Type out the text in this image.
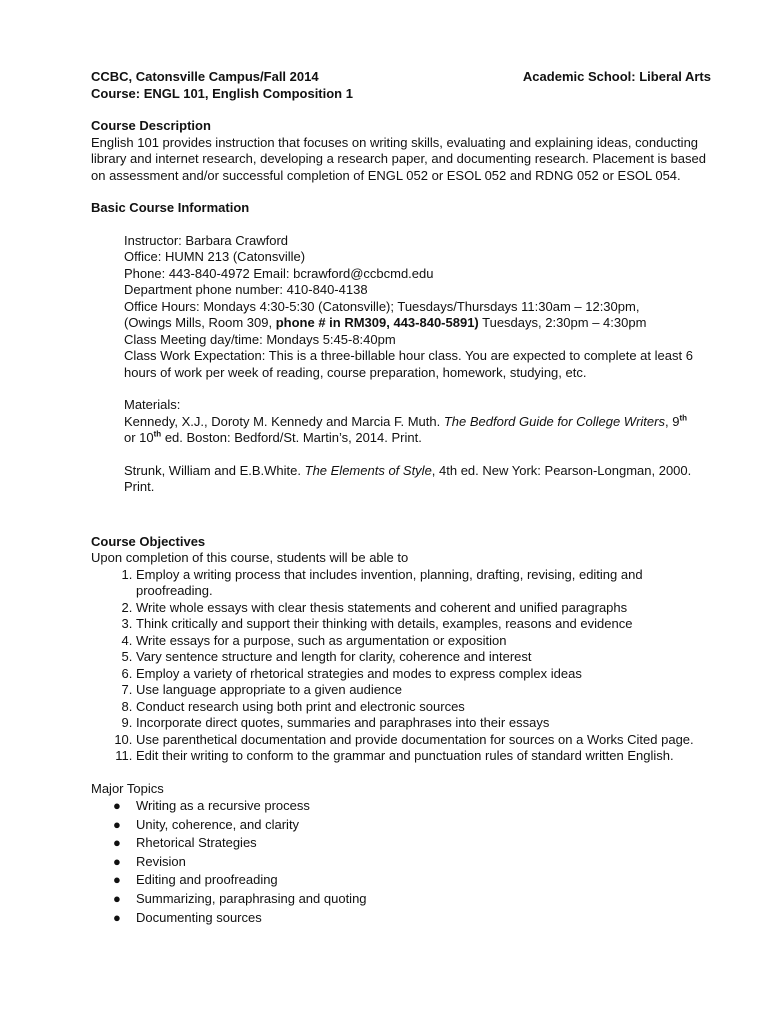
CCBC, Catonsville Campus/Fall 2014	Academic School: Liberal Arts
Course: ENGL 101, English Composition 1
Course Description

English 101 provides instruction that focuses on writing skills, evaluating and explaining ideas, conducting library and internet research, developing a research paper, and documenting research. Placement is based on assessment and/or successful completion of ENGL 052 or ESOL 052 and RDNG 052 or ESOL 054.

Basic Course Information

Instructor: Barbara Crawford

Office: HUMN 213 (Catonsville)

Phone: 443-840-4972 Email: bcrawford@ccbcmd.edu

Department phone number: 410-840-4138

Office Hours: Mondays 4:30-5:30 (Catonsville); Tuesdays/Thursdays 11:30am – 12:30pm,

(Owings Mills, Room 309, phone # in RM309, 443-840-5891) Tuesdays, 2:30pm – 4:30pm

Class Meeting day/time: Mondays 5:45-8:40pm

Class Work Expectation: This is a three-billable hour class. You are expected to complete at least 6 hours of work per week of reading, course preparation, homework, studying, etc.

Materials:

Kennedy, X.J., Doroty M. Kennedy and Marcia F. Muth. The Bedford Guide for College Writers, 9th
or 10th ed. Boston: Bedford/St. Martin’s, 2014. Print.

Strunk, William and E.B.White. The Elements of Style, 4th ed. New York: Pearson-Longman, 2000. Print.

Course Objectives

Upon completion of this course, students will be able to

1. Employ a writing process that includes invention, planning, drafting, revising, editing and proofreading.
2. Write whole essays with clear thesis statements and coherent and unified paragraphs
3. Think critically and support their thinking with details, examples, reasons and evidence
4. Write essays for a purpose, such as argumentation or exposition
5. Vary sentence structure and length for clarity, coherence and interest
6. Employ a variety of rhetorical strategies and modes to express complex ideas
7. Use language appropriate to a given audience
8. Conduct research using both print and electronic sources
9. Incorporate direct quotes, summaries and paraphrases into their essays
10. Use parenthetical documentation and provide documentation for sources on a Works Cited page.
11. Edit their writing to conform to the grammar and punctuation rules of standard written English.

Major Topics

● Writing as a recursive process
● Unity, coherence, and clarity
● Rhetorical Strategies
● Revision
● Editing and proofreading
● Summarizing, paraphrasing and quoting
● Documenting sources
